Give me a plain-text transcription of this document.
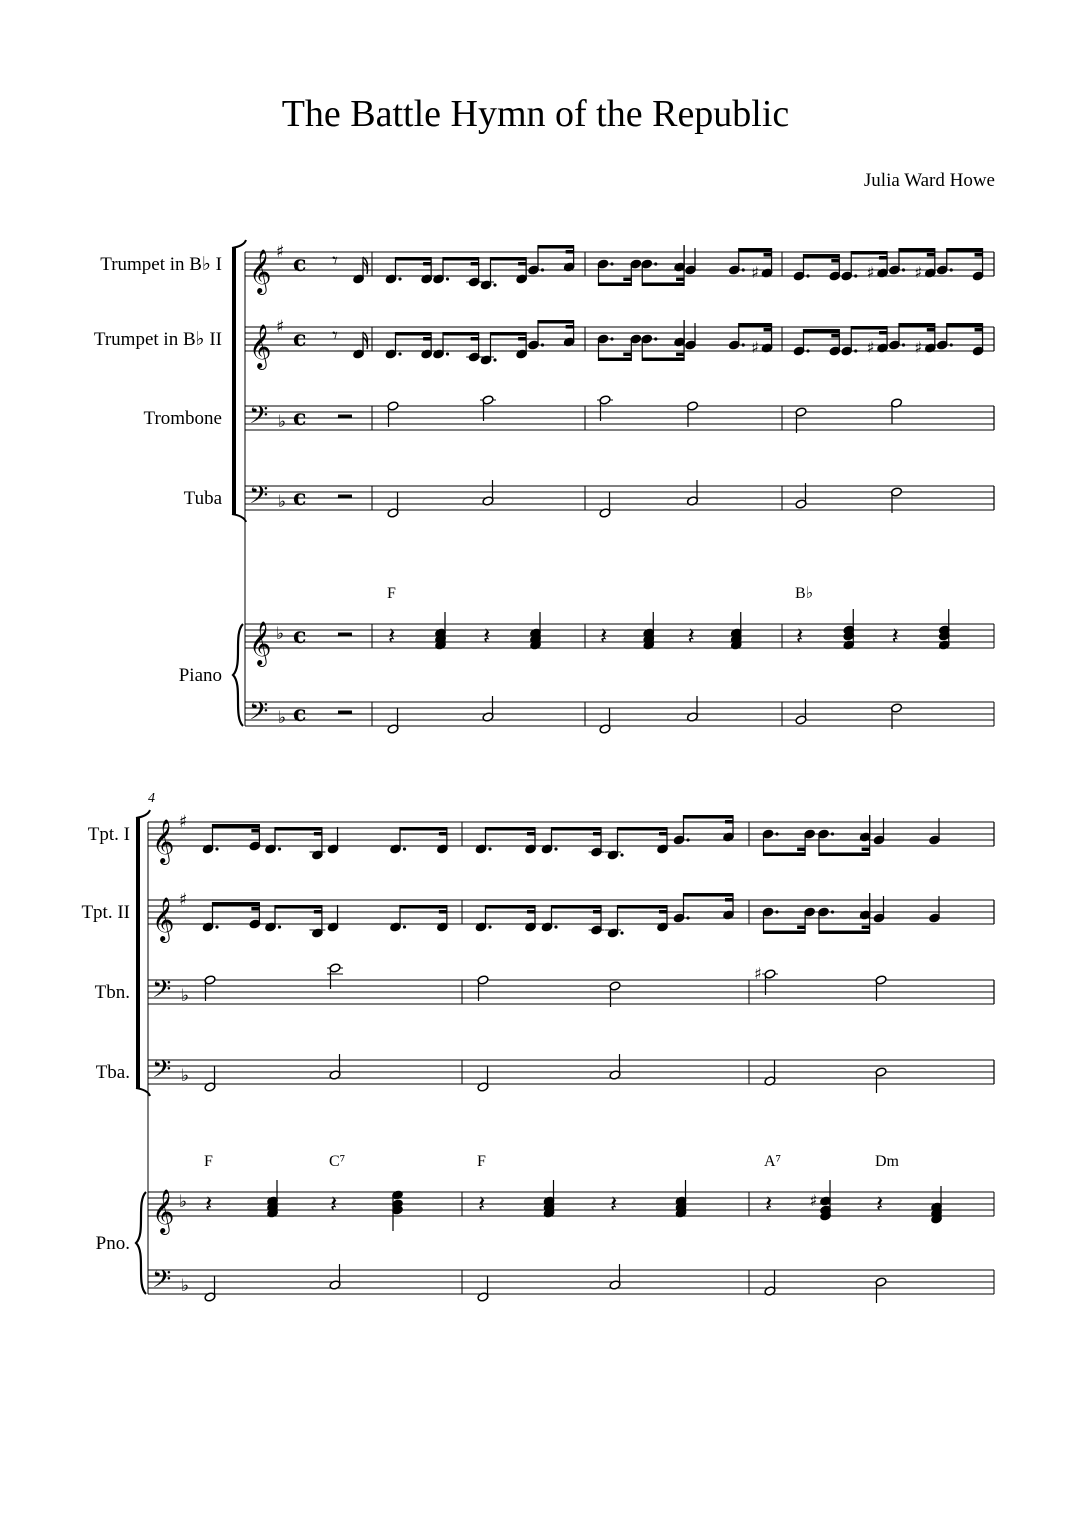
The Battle Hymn of the Republic
Julia Ward Howe
𝄞 ♯ c
Trumpet in B♭ I
𝄞 ♯ c
Trumpet in B♭ II
𝄢 ♭ c
Trombone
𝄢 ♭ c
Tuba
𝄞 ♭ c
𝄢 ♭ c
Piano
𝄾
𝄾
𝄽	𝄽
♯
♯
𝄽	𝄽
♯	♯
♯	♯
𝄽	𝄽
F	B♭
𝄞 ♯
Tpt. I
𝄞 ♯
Tpt. II
𝄢 ♭
Tbn.
𝄢 ♭
Tba.
𝄞 ♭
𝄢 ♭
Pno.
4
𝄽	𝄽	𝄽	𝄽
♯
𝄽 ♯ 𝄽
F	C⁷	F	A⁷	Dm
